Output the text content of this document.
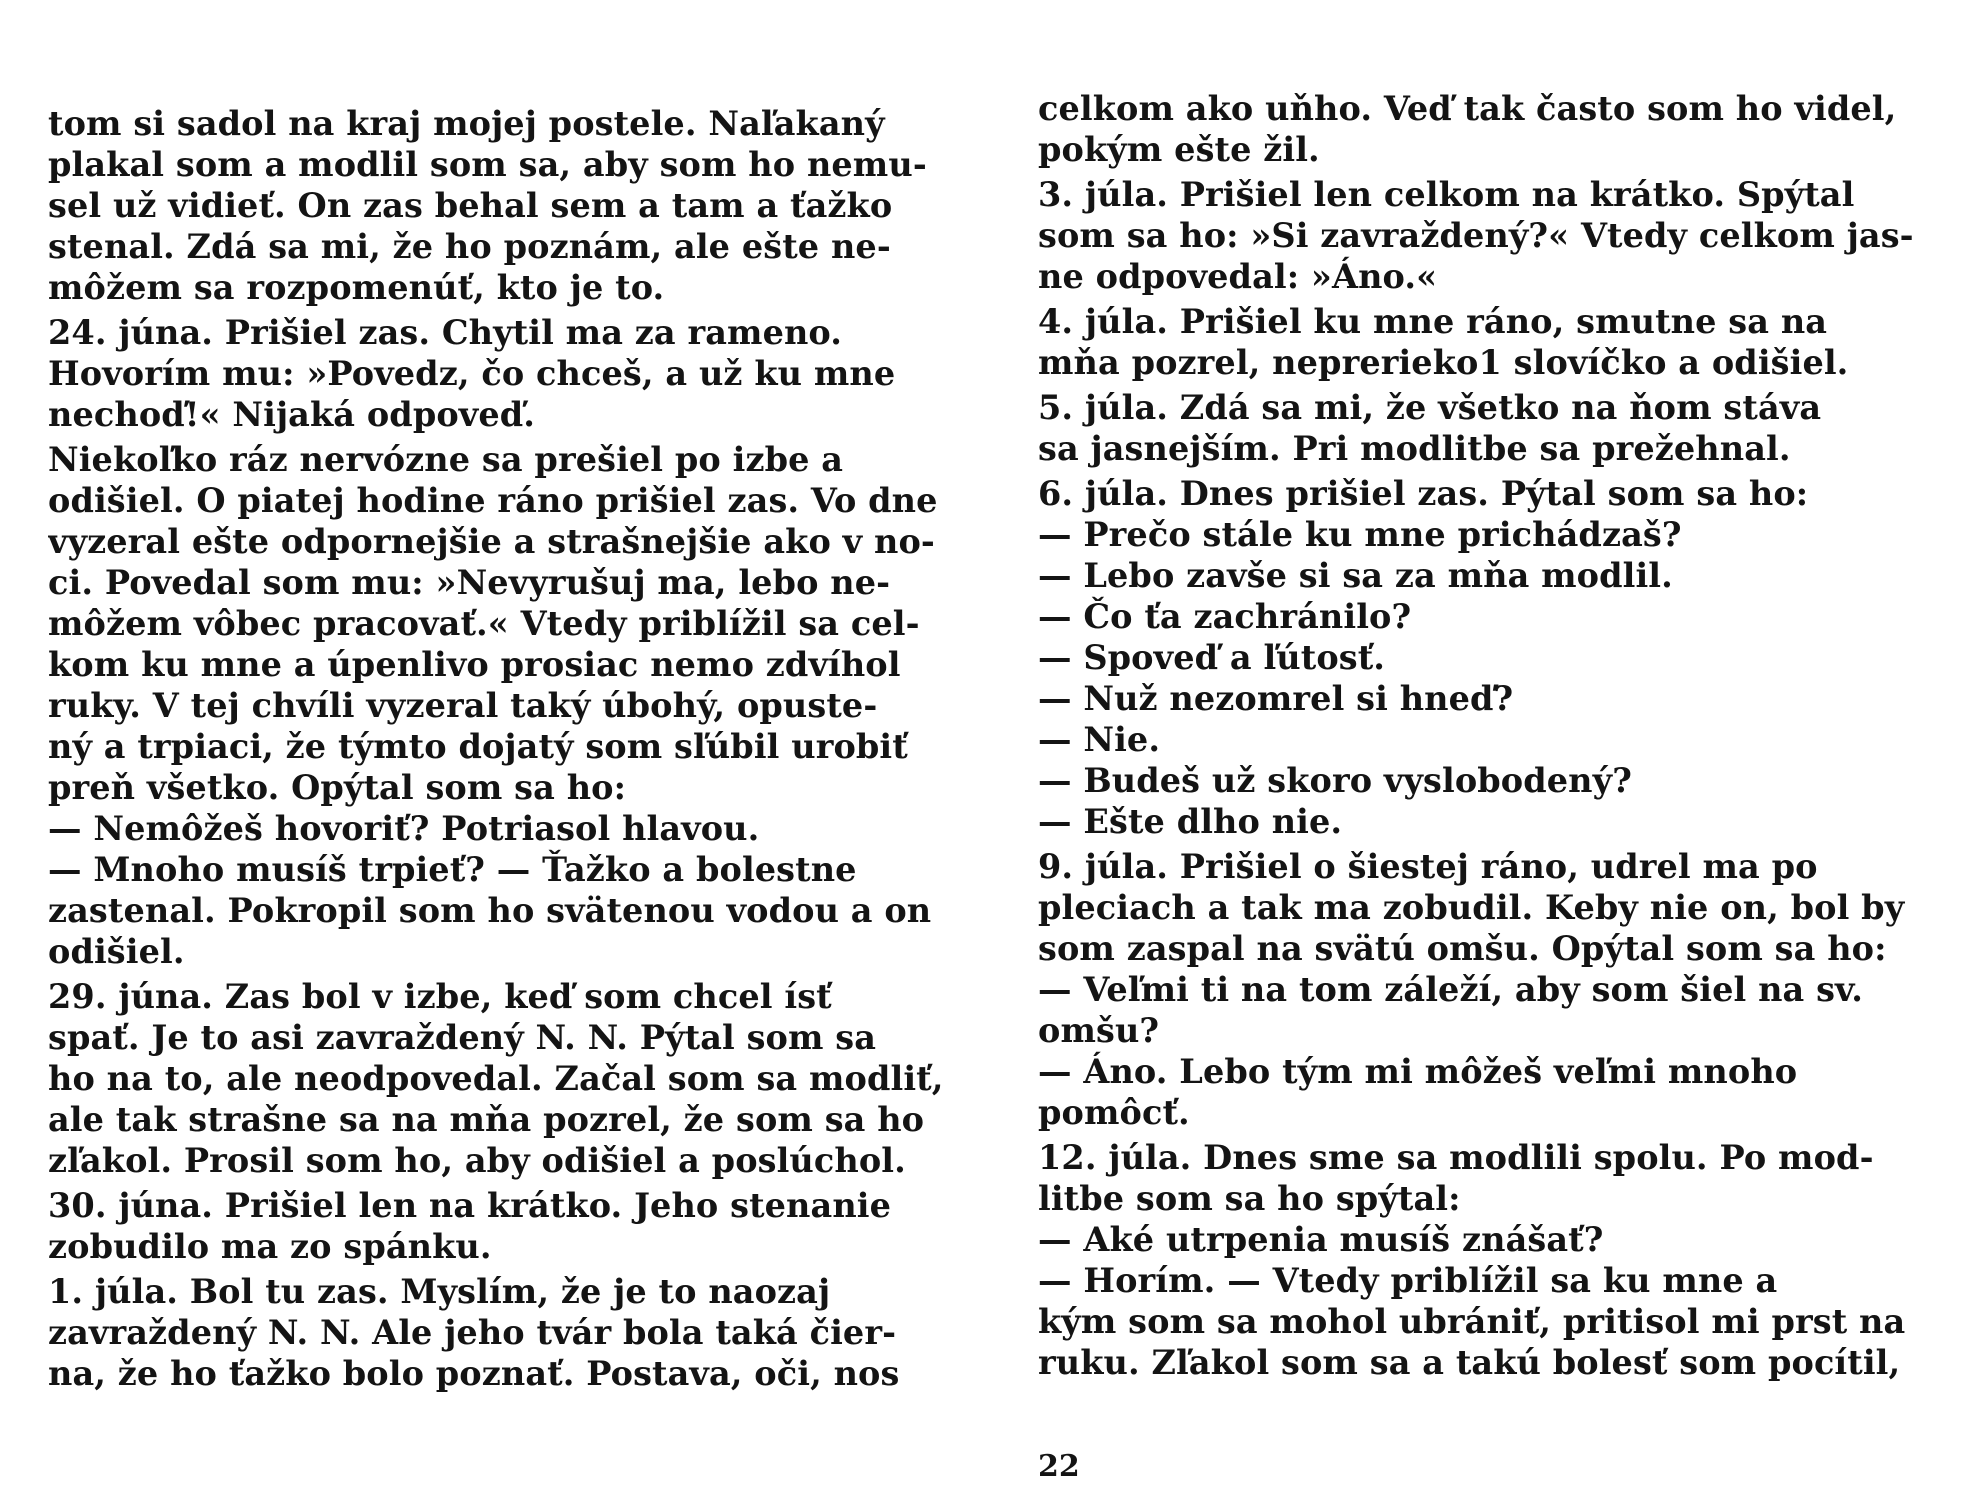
tom si sadol na kraj mojej postele. Naľakaný
plakal som a modlil som sa, aby som ho nemu-
sel už vidieť. On zas behal sem a tam a ťažko
stenal. Zdá sa mi, že ho poznám, ale ešte ne-
môžem sa rozpomenúť, kto je to.
24. júna. Prišiel zas. Chytil ma za rameno.
Hovorím mu: »Povedz, čo chceš, a už ku mne
nechoď!« Nijaká odpoveď.
Niekoľko ráz nervózne sa prešiel po izbe a
odišiel. O piatej hodine ráno prišiel zas. Vo dne
vyzeral ešte odpornejšie a strašnejšie ako v no-
ci. Povedal som mu: »Nevyrušuj ma, lebo ne-
môžem vôbec pracovať.« Vtedy priblížil sa cel-
kom ku mne a úpenlivo prosiac nemo zdvíhol
ruky. V tej chvíli vyzeral taký úbohý, opuste-
ný a trpiaci, že týmto dojatý som sľúbil urobiť
preň všetko. Opýtal som sa ho:
— Nemôžeš hovoriť? Potriasol hlavou.
— Mnoho musíš trpieť? — Ťažko a bolestne
zastenal. Pokropil som ho svätenou vodou a on
odišiel.
29. júna. Zas bol v izbe, keď som chcel ísť
spať. Je to asi zavraždený N. N. Pýtal som sa
ho na to, ale neodpovedal. Začal som sa modliť,
ale tak strašne sa na mňa pozrel, že som sa ho
zľakol. Prosil som ho, aby odišiel a poslúchol.
30. júna. Prišiel len na krátko. Jeho stenanie
zobudilo ma zo spánku.
1. júla. Bol tu zas. Myslím, že je to naozaj
zavraždený N. N. Ale jeho tvár bola taká čier-
na, že ho ťažko bolo poznať. Postava, oči, nos
celkom ako uňho. Veď tak často som ho videl,
pokým ešte žil.
3. júla. Prišiel len celkom na krátko. Spýtal
som sa ho: »Si zavraždený?« Vtedy celkom jas-
ne odpovedal: »Áno.«
4. júla. Prišiel ku mne ráno, smutne sa na
mňa pozrel, neprerieko1 slovíčko a odišiel.
5. júla. Zdá sa mi, že všetko na ňom stáva
sa jasnejším. Pri modlitbe sa prežehnal.
6. júla. Dnes prišiel zas. Pýtal som sa ho:
— Prečo stále ku mne prichádzaš?
— Lebo zavše si sa za mňa modlil.
— Čo ťa zachránilo?
— Spoveď a ľútosť.
— Nuž nezomrel si hneď?
— Nie.
— Budeš už skoro vyslobodený?
— Ešte dlho nie.
9. júla. Prišiel o šiestej ráno, udrel ma po
pleciach a tak ma zobudil. Keby nie on, bol by
som zaspal na svätú omšu. Opýtal som sa ho:
— Veľmi ti na tom záleží, aby som šiel na sv.
omšu?
— Áno. Lebo tým mi môžeš veľmi mnoho
pomôcť.
12. júla. Dnes sme sa modlili spolu. Po mod-
litbe som sa ho spýtal:
— Aké utrpenia musíš znášať?
— Horím. — Vtedy priblížil sa ku mne a
kým som sa mohol ubrániť, pritisol mi prst na
ruku. Zľakol som sa a takú bolesť som pocítil,
22
